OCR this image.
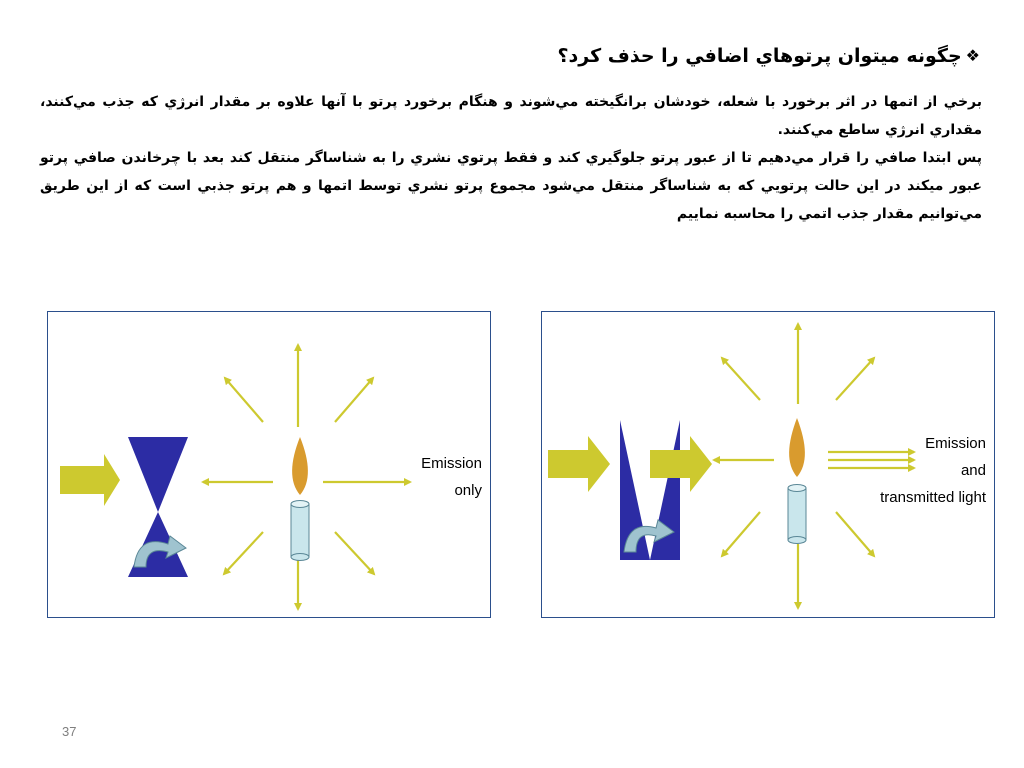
❖
چگونه ميتوان پرتوهاي اضافي را حذف کرد؟

برخي از اتمها در اثر برخورد با شعله، خودشان برانگيخته مي‌شوند و هنگام برخورد پرتو با آنها علاوه بر مقدار انرژي که جذب مي‌کنند، مقداري انرژي ساطع مي‌کنند.

پس ابتدا صافي را قرار مي‌دهيم تا از عبور پرتو جلوگيري کند و فقط پرتوي نشري را به شناساگر منتقل کند بعد با چرخاندن صافي پرتو عبور ميکند در اين حالت پرتويي که به شناساگر منتقل مي‌شود مجموع پرتو نشري توسط اتمها و هم پرتو جذبي است که از اين طريق مي‌توانيم مقدار جذب اتمي را محاسبه نماييم

Emission
only
Emission
and
transmitted light
37
